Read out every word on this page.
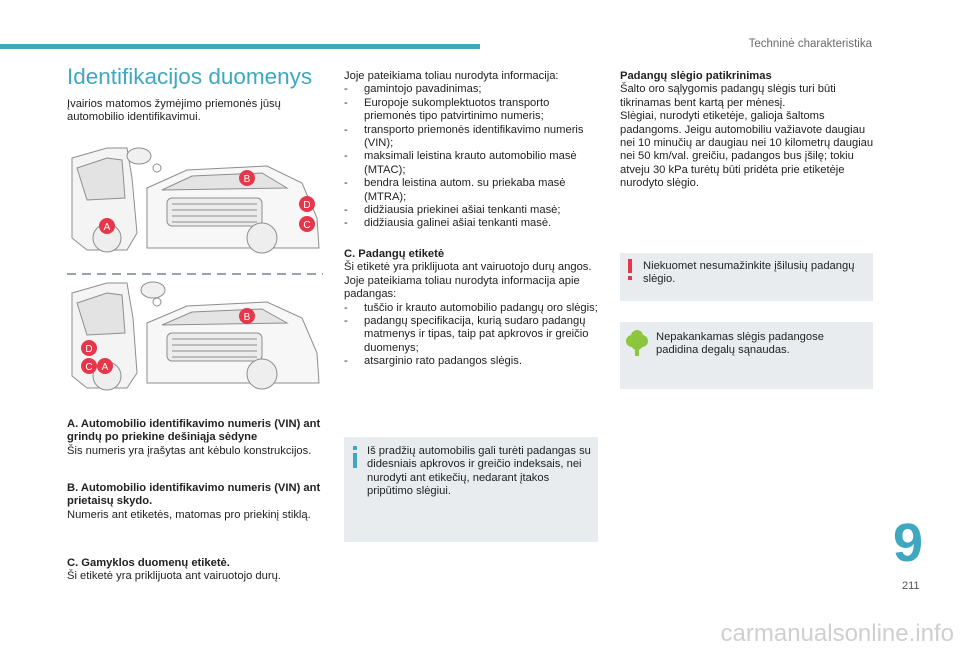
Techninė charakteristika
Identifikacijos duomenys

Įvairios matomos žymėjimo priemonės jūsų automobilio identifikavimui.

A
B
C
D
A
B
C
D

A. Automobilio identifikavimo numeris (VIN) ant grindų po priekine dešiniąja sėdyne

Šis numeris yra įrašytas ant kėbulo konstrukcijos.

B. Automobilio identifikavimo numeris (VIN) ant prietaisų skydo.

Numeris ant etiketės, matomas pro priekinį stiklą.

C. Gamyklos duomenų etiketė.

Ši etiketė yra priklijuota ant vairuotojo durų.

Joje pateikiama toliau nurodyta informacija:

- gamintojo pavadinimas;
- Europoje sukomplektuotos transporto priemonės tipo patvirtinimo numeris;
- transporto priemonės identifikavimo numeris (VIN);
- maksimali leistina krauto automobilio masė (MTAC);
- bendra leistina autom. su priekaba masė (MTRA);
- didžiausia priekinei ašiai tenkanti masė;
- didžiausia galinei ašiai tenkanti masė.

C. Padangų etiketė

Ši etiketė yra priklijuota ant vairuotojo durų angos.

Joje pateikiama toliau nurodyta informacija apie padangas:

- tuščio ir krauto automobilio padangų oro slėgis;
- padangų specifikacija, kurią sudaro padangų matmenys ir tipas, taip pat apkrovos ir greičio duomenys;
- atsarginio rato padangos slėgis.
Iš pradžių automobilis gali turėti padangas su didesniais apkrovos ir greičio indeksais, nei nurodyti ant etikečių, nedarant įtakos pripūtimo slėgiui.

Padangų slėgio patikrinimas

Šalto oro sąlygomis padangų slėgis turi būti tikrinamas bent kartą per mėnesį.

Slėgiai, nurodyti etiketėje, galioja šaltoms padangoms. Jeigu automobiliu važiavote daugiau nei 10 minučių ar daugiau nei 10 kilometrų daugiau nei 50 km/val. greičiu, padangos bus įšilę; tokiu atveju 30 kPa turėtų būti pridėta prie etiketėje nurodyto slėgio.

Niekuomet nesumažinkite įšilusių padangų slėgio.
Nepakankamas slėgis padangose padidina degalų sąnaudas.
9
211
carmanualsonline.info
